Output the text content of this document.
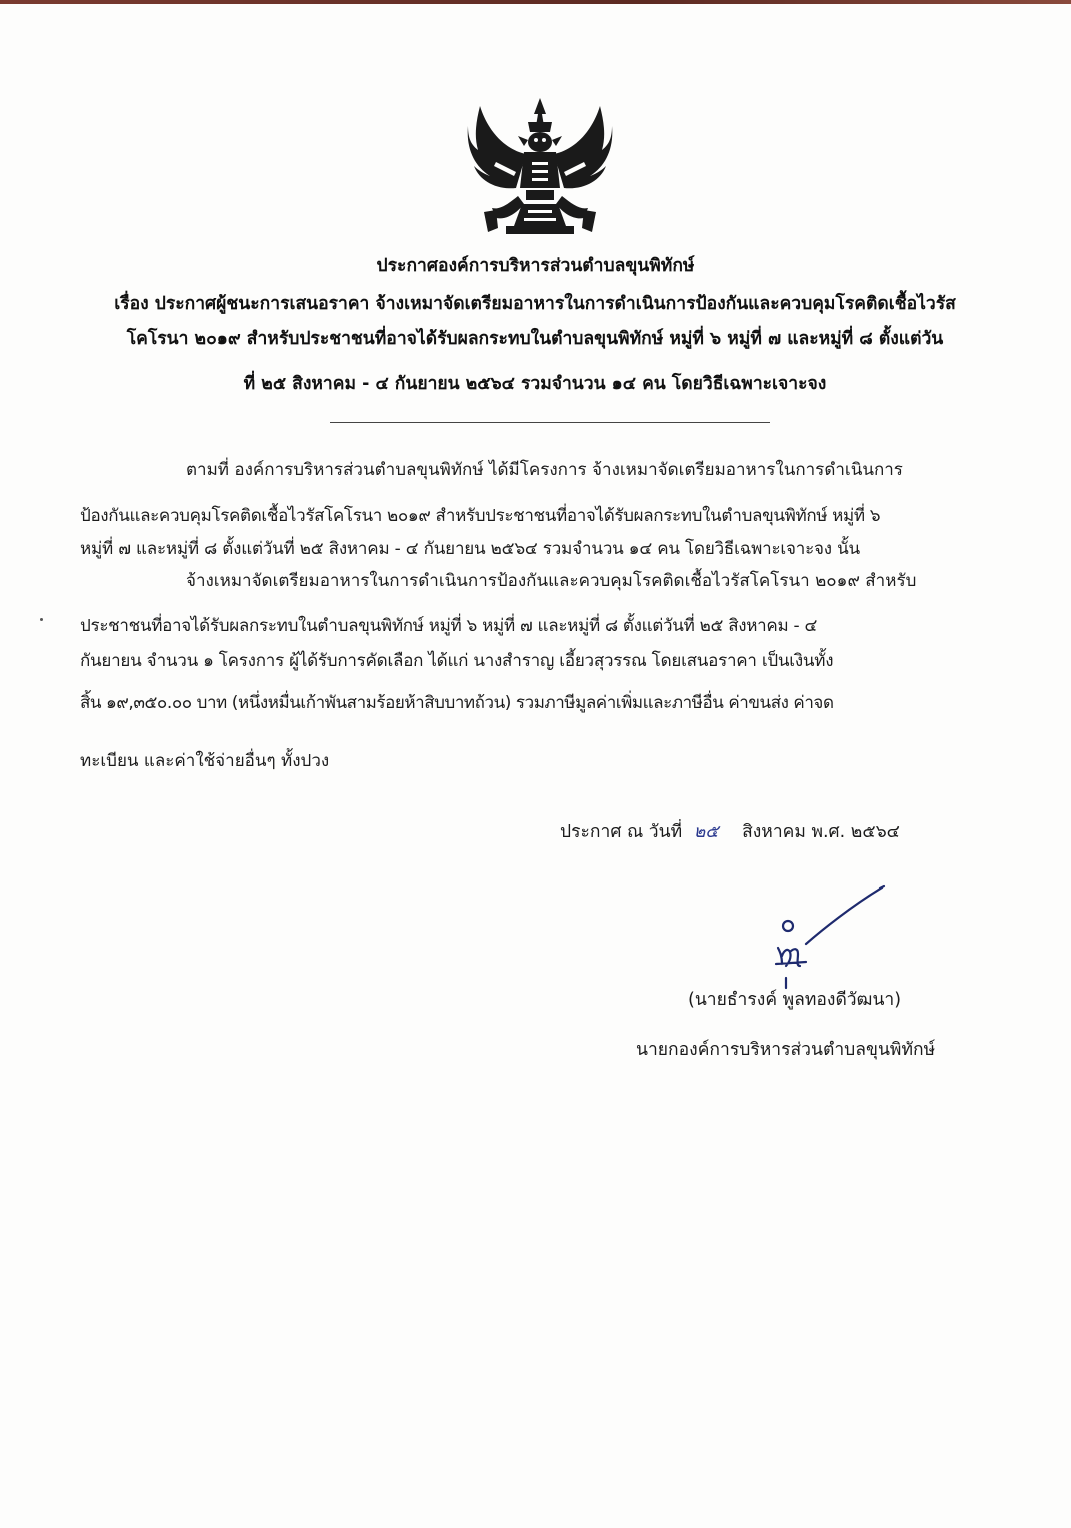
ประกาศองค์การบริหารส่วนตำบลขุนพิทักษ์
เรื่อง ประกาศผู้ชนะการเสนอราคา จ้างเหมาจัดเตรียมอาหารในการดำเนินการป้องกันและควบคุมโรคติดเชื้อไวรัส
โคโรนา ๒๐๑๙ สำหรับประชาชนที่อาจได้รับผลกระทบในตำบลขุนพิทักษ์ หมู่ที่ ๖ หมู่ที่ ๗ และหมู่ที่ ๘ ตั้งแต่วัน
ที่ ๒๕ สิงหาคม - ๔ กันยายน ๒๕๖๔ รวมจำนวน ๑๔ คน โดยวิธีเฉพาะเจาะจง
ตามที่ องค์การบริหารส่วนตำบลขุนพิทักษ์ ได้มีโครงการ จ้างเหมาจัดเตรียมอาหารในการดำเนินการ
ป้องกันและควบคุมโรคติดเชื้อไวรัสโคโรนา ๒๐๑๙ สำหรับประชาชนที่อาจได้รับผลกระทบในตำบลขุนพิทักษ์ หมู่ที่ ๖
หมู่ที่ ๗ และหมู่ที่ ๘ ตั้งแต่วันที่ ๒๕ สิงหาคม - ๔ กันยายน ๒๕๖๔ รวมจำนวน ๑๔ คน โดยวิธีเฉพาะเจาะจง นั้น
จ้างเหมาจัดเตรียมอาหารในการดำเนินการป้องกันและควบคุมโรคติดเชื้อไวรัสโคโรนา ๒๐๑๙ สำหรับ
ประชาชนที่อาจได้รับผลกระทบในตำบลขุนพิทักษ์ หมู่ที่ ๖ หมู่ที่ ๗ และหมู่ที่ ๘ ตั้งแต่วันที่ ๒๕ สิงหาคม - ๔
กันยายน จำนวน ๑ โครงการ ผู้ได้รับการคัดเลือก ได้แก่ นางสำราญ เอี้ยวสุวรรณ โดยเสนอราคา เป็นเงินทั้ง
สิ้น ๑๙,๓๕๐.๐๐ บาท (หนึ่งหมื่นเก้าพันสามร้อยห้าสิบบาทถ้วน) รวมภาษีมูลค่าเพิ่มและภาษีอื่น ค่าขนส่ง ค่าจด
ทะเบียน และค่าใช้จ่ายอื่นๆ ทั้งปวง
ประกาศ ณ วันที่ ๒๕ สิงหาคม พ.ศ. ๒๕๖๔
(นายธำรงค์ พูลทองดีวัฒนา)
นายกองค์การบริหารส่วนตำบลขุนพิทักษ์
